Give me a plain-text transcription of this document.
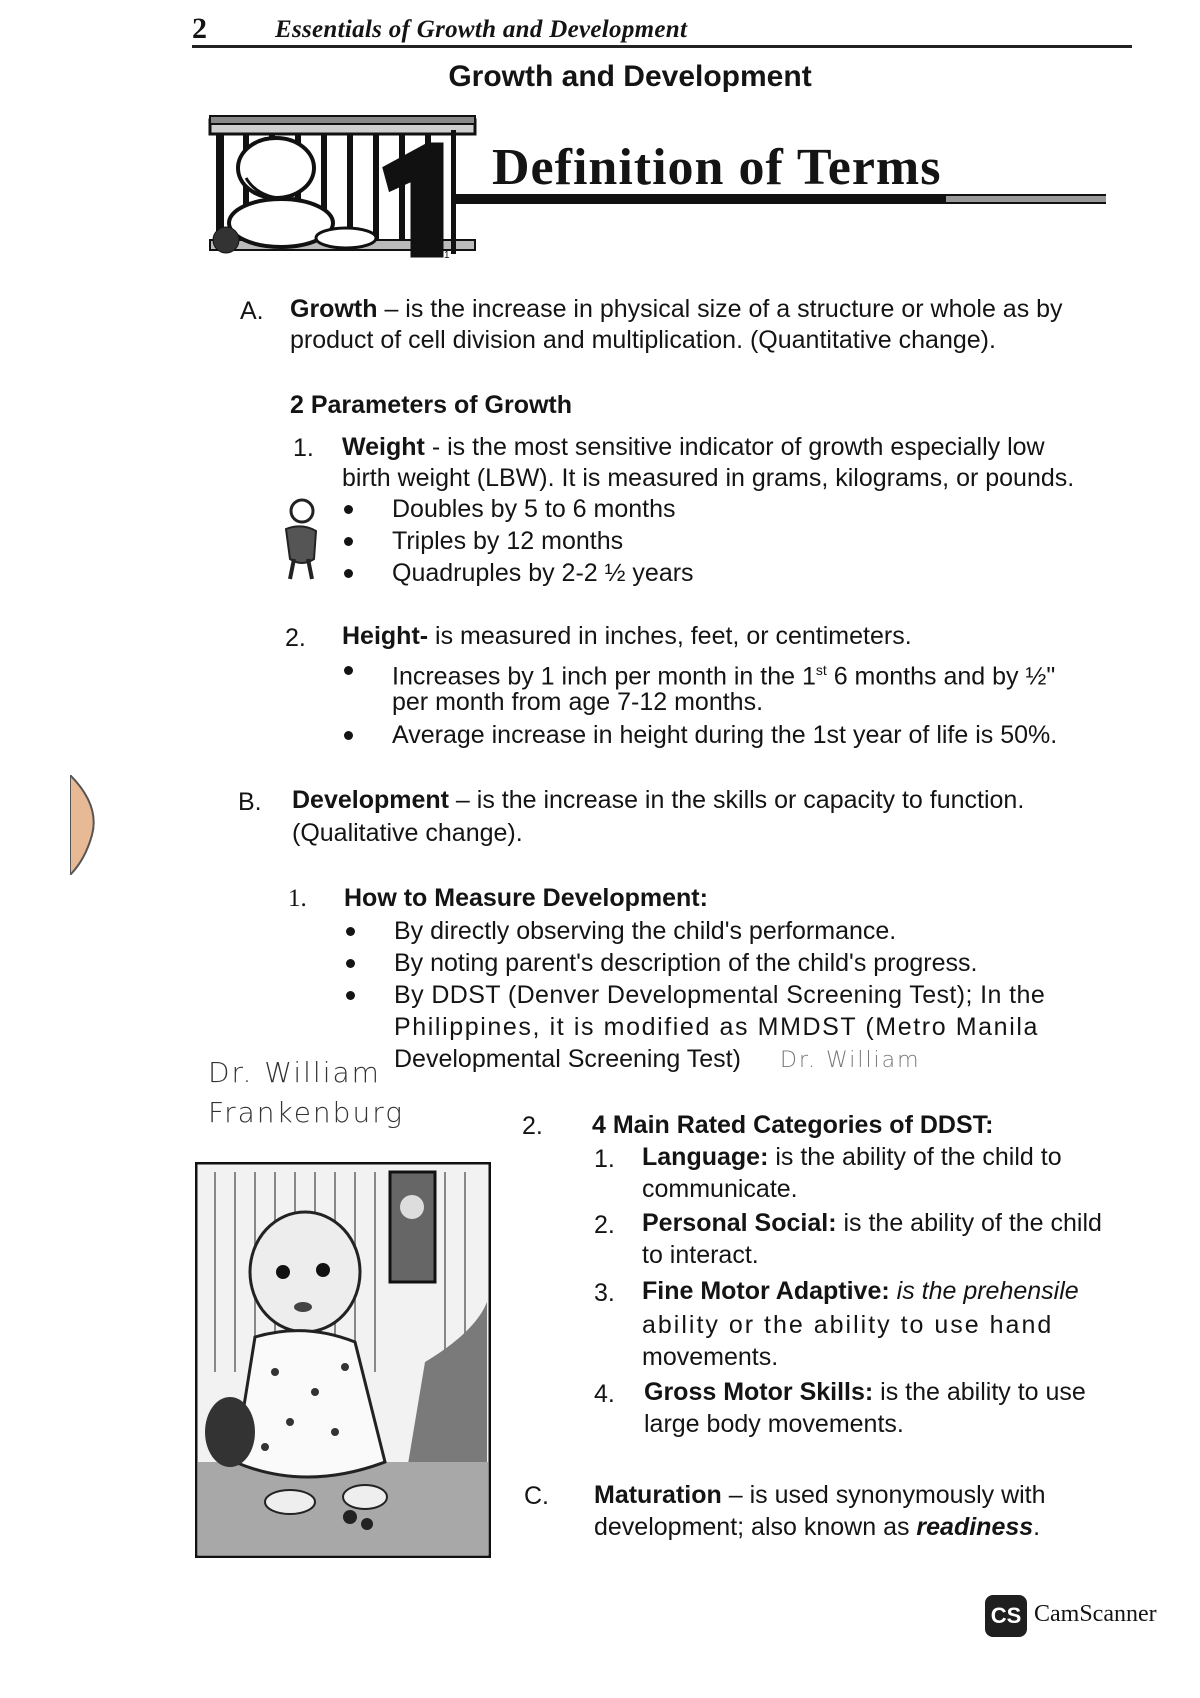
2	Essentials of Growth and Development
Growth and Development
1
Definition of Terms
A. Growth – is the increase in physical size of a structure or whole as by
product of cell division and multiplication. (Quantitative change).
2 Parameters of Growth
1. Weight - is the most sensitive indicator of growth especially low
birth weight (LBW). It is measured in grams, kilograms, or pounds.
Doubles by 5 to 6 months
Triples by 12 months
Quadruples by 2-2 ½ years
2. Height- is measured in inches, feet, or centimeters.
Increases by 1 inch per month in the 1st 6 months and by ½"
per month from age 7-12 months.
Average increase in height during the 1st year of life is 50%.
B. Development – is the increase in the skills or capacity to function.
(Qualitative change).
1. How to Measure Development:
By directly observing the child's performance.
By noting parent's description of the child's progress.
By DDST (Denver Developmental Screening Test); In the
Philippines, it is modified as MMDST (Metro Manila
Developmental Screening Test) Dr. William
Dr. William
Frankenburg	2. 4 Main Rated Categories of DDST:
1. Language: is the ability of the child to
communicate.
2. Personal Social: is the ability of the child
to interact.
3. Fine Motor Adaptive: is the prehensile
ability or the ability to use hand
movements.
4. Gross Motor Skills: is the ability to use
large body movements.
C. Maturation – is used synonymously with
development; also known as readiness.
CS CamScanner
